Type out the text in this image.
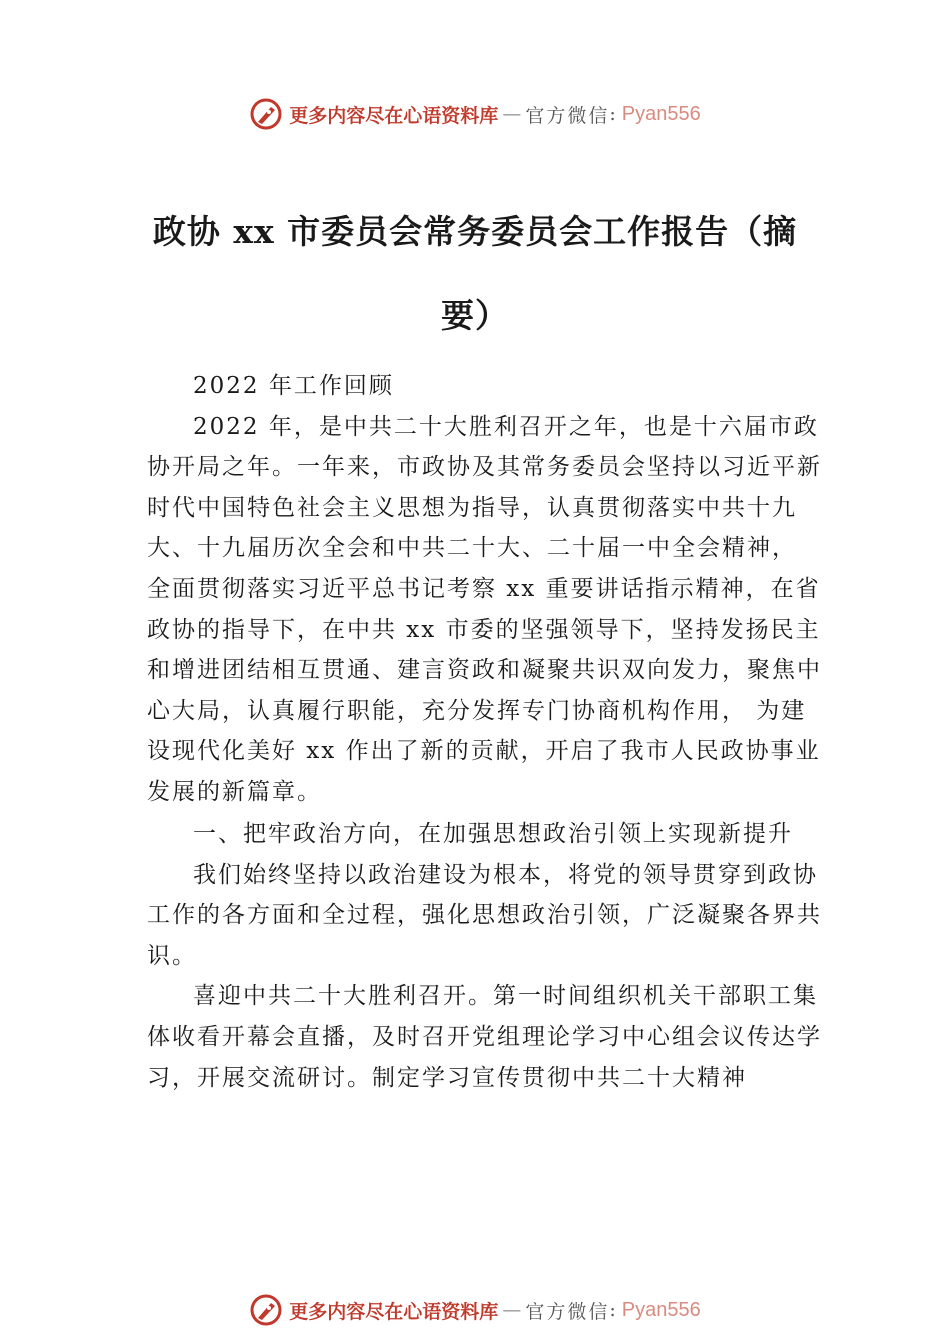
更多内容尽在心语资料库 — 官方微信 : Pyan556
政协 xx 市委员会常务委员会工作报告（摘要）

2022 年工作回顾

2022 年，是中共二十大胜利召开之年，也是十六届市政协开局之年。一年来，市政协及其常务委员会坚持以习近平新时代中国特色社会主义思想为指导，认真贯彻落实中共十九大、十九届历次全会和中共二十大、二十届一中全会精神， 全面贯彻落实习近平总书记考察 xx 重要讲话指示精神，在省政协的指导下，在中共 xx 市委的坚强领导下，坚持发扬民主和增进团结相互贯通、建言资政和凝聚共识双向发力，聚焦中心大局，认真履行职能，充分发挥专门协商机构作用， 为建设现代化美好 xx 作出了新的贡献，开启了我市人民政协事业发展的新篇章。

一、把牢政治方向，在加强思想政治引领上实现新提升

我们始终坚持以政治建设为根本，将党的领导贯穿到政协工作的各方面和全过程，强化思想政治引领，广泛凝聚各界共识。

喜迎中共二十大胜利召开。第一时间组织机关干部职工集体收看开幕会直播，及时召开党组理论学习中心组会议传达学习，开展交流研讨。制定学习宣传贯彻中共二十大精神

更多内容尽在心语资料库 — 官方微信 : Pyan556
